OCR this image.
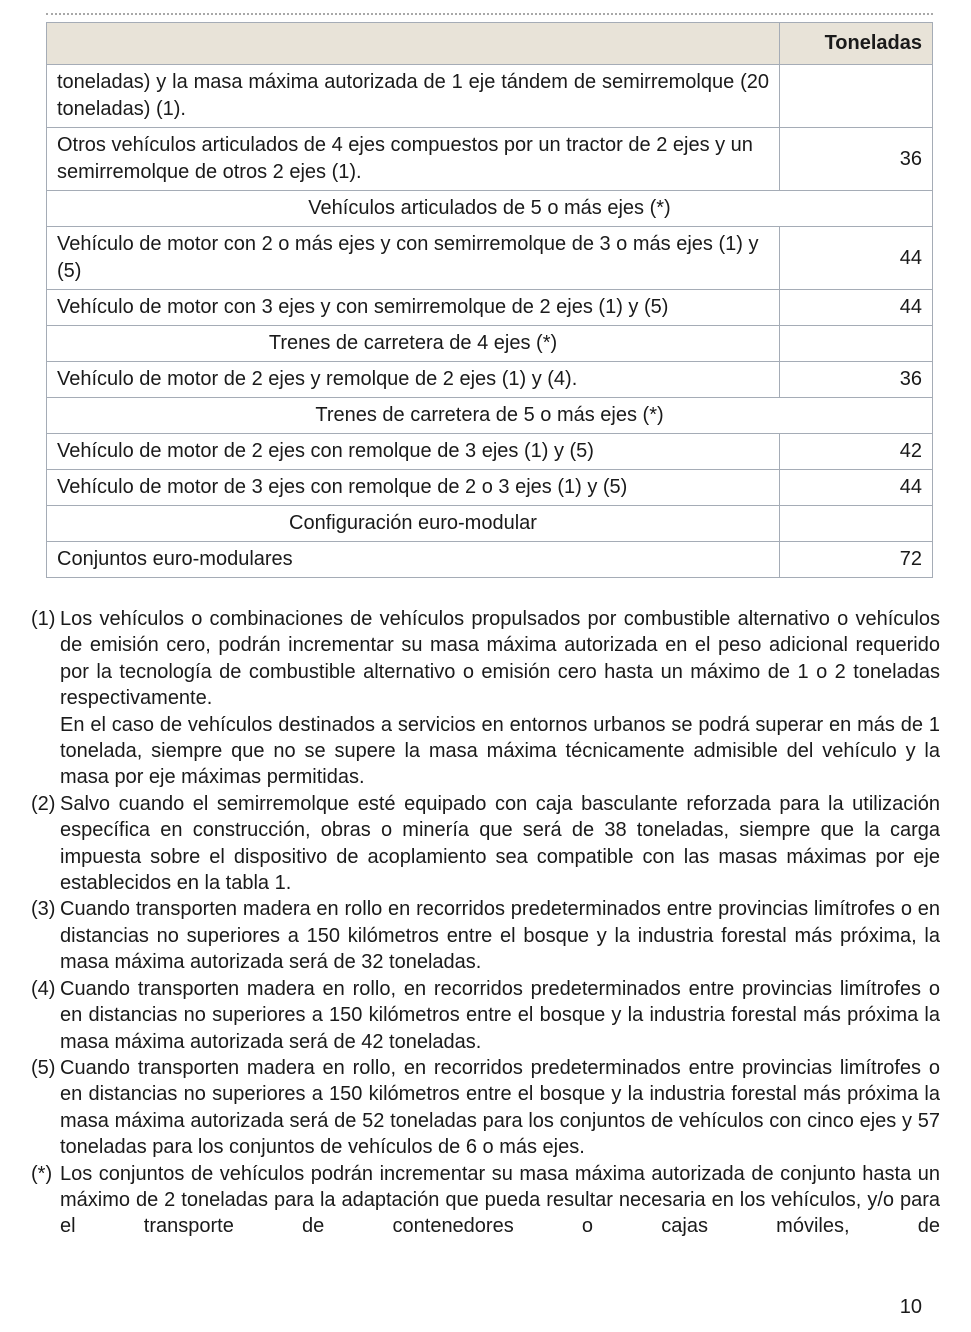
	Toneladas
toneladas) y la masa máxima autorizada de 1 eje tándem de semirremolque (20 toneladas) (1).	
Otros vehículos articulados de 4 ejes compuestos por un tractor de 2 ejes y un semirremolque de otros 2 ejes (1).	36
Vehículos articulados de 5 o más ejes (*)	
Vehículo de motor con 2 o más ejes y con semirremolque de 3 o más ejes (1) y (5)	44
Vehículo de motor con 3 ejes y con semirremolque de 2 ejes (1) y (5)	44
Trenes de carretera de 4 ejes (*)	
Vehículo de motor de 2 ejes y remolque de 2 ejes (1) y (4).	36
Trenes de carretera de 5 o más ejes (*)	
Vehículo de motor de 2 ejes con remolque de 3 ejes (1) y (5)	42
Vehículo de motor de 3 ejes con remolque de 2 o 3 ejes (1) y (5)	44
Configuración euro-modular	
Conjuntos euro-modulares	72
(1) Los vehículos o combinaciones de vehículos propulsados por combustible alternativo o vehículos de emisión cero, podrán incrementar su masa máxima autorizada en el peso adicional requerido por la tecnología de combustible alternativo o emisión cero hasta un máximo de 1 o 2 toneladas respectivamente.
En el caso de vehículos destinados a servicios en entornos urbanos se podrá superar en más de 1 tonelada, siempre que no se supere la masa máxima técnicamente admisible del vehículo y la masa por eje máximas permitidas.
(2) Salvo cuando el semirremolque esté equipado con caja basculante reforzada para la utilización específica en construcción, obras o minería que será de 38 toneladas, siempre que la carga impuesta sobre el dispositivo de acoplamiento sea compatible con las masas máximas por eje establecidos en la tabla 1.
(3) Cuando transporten madera en rollo en recorridos predeterminados entre provincias limítrofes o en distancias no superiores a 150 kilómetros entre el bosque y la industria forestal más próxima, la masa máxima autorizada será de 32 toneladas.
(4) Cuando transporten madera en rollo, en recorridos predeterminados entre provincias limítrofes o en distancias no superiores a 150 kilómetros entre el bosque y la industria forestal más próxima la masa máxima autorizada será de 42 toneladas.
(5) Cuando transporten madera en rollo, en recorridos predeterminados entre provincias limítrofes o en distancias no superiores a 150 kilómetros entre el bosque y la industria forestal más próxima la masa máxima autorizada será de 52 toneladas para los conjuntos de vehículos con cinco ejes y 57 toneladas para los conjuntos de vehículos de 6 o más ejes.
(*) Los conjuntos de vehículos podrán incrementar su masa máxima autorizada de conjunto hasta un máximo de 2 toneladas para la adaptación que pueda resultar necesaria en los vehículos, y/o para el transporte de contenedores o cajas móviles, de
10
